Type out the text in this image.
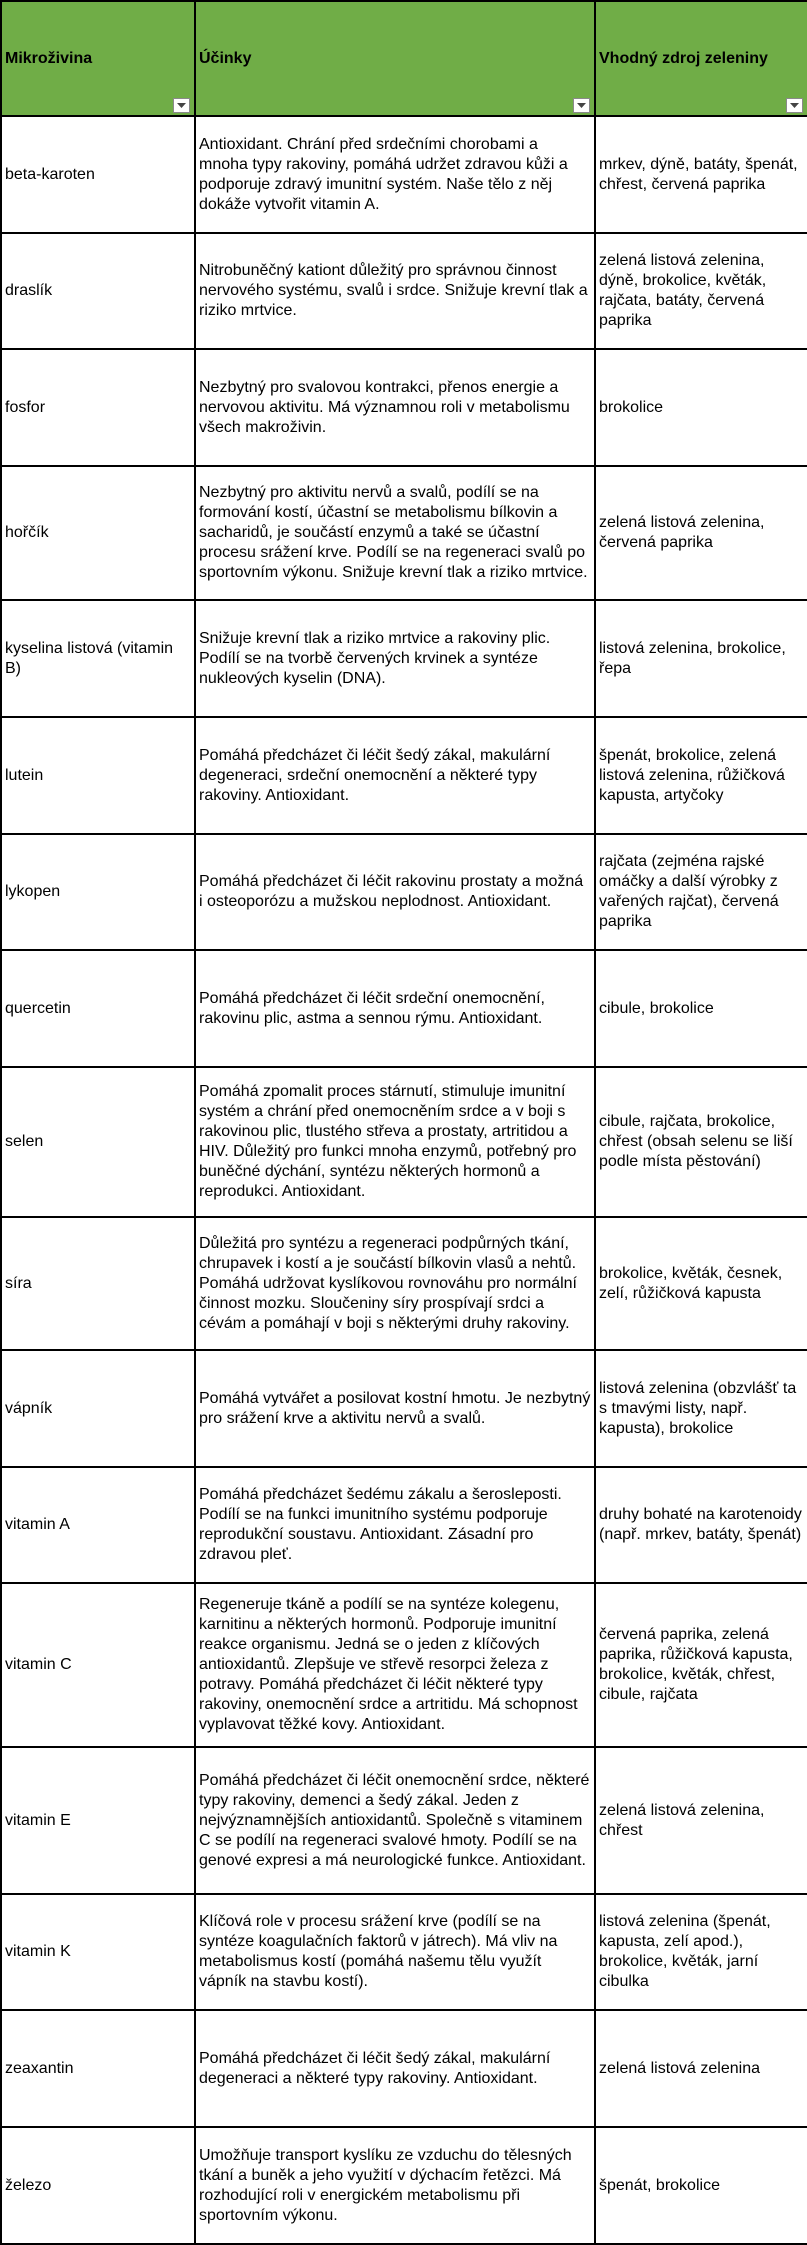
Mikroživina	Účinky	Vhodný zdroj zeleniny

beta-karoten	Antioxidant. Chrání před srdečními chorobami a mnoha typy rakoviny, pomáhá udržet zdravou kůži a podporuje zdravý imunitní systém. Naše tělo z něj dokáže vytvořit vitamin A.	mrkev, dýně, batáty, špenát, chřest, červená paprika
draslík	Nitrobuněčný kationt důležitý pro správnou činnost nervového systému, svalů i srdce. Snižuje krevní tlak a riziko mrtvice.	zelená listová zelenina, dýně, brokolice, květák, rajčata, batáty, červená paprika
fosfor	Nezbytný pro svalovou kontrakci, přenos energie a nervovou aktivitu. Má významnou roli v metabolismu všech makroživin.	brokolice
hořčík	Nezbytný pro aktivitu nervů a svalů, podílí se na formování kostí, účastní se metabolismu bílkovin a sacharidů, je součástí enzymů a také se účastní procesu srážení krve. Podílí se na regeneraci svalů po sportovním výkonu. Snižuje krevní tlak a riziko mrtvice.	zelená listová zelenina, červená paprika
kyselina listová (vitamin B)	Snižuje krevní tlak a riziko mrtvice a rakoviny plic. Podílí se na tvorbě červených krvinek a syntéze nukleových kyselin (DNA).	listová zelenina, brokolice, řepa
lutein	Pomáhá předcházet či léčit šedý zákal, makulární degeneraci, srdeční onemocnění a některé typy rakoviny. Antioxidant.	špenát, brokolice, zelená listová zelenina, růžičková kapusta, artyčoky
lykopen	Pomáhá předcházet či léčit rakovinu prostaty a možná i osteoporózu a mužskou neplodnost. Antioxidant.	rajčata (zejména rajské omáčky a další výrobky z vařených rajčat), červená paprika
quercetin	Pomáhá předcházet či léčit srdeční onemocnění, rakovinu plic, astma a sennou rýmu. Antioxidant.	cibule, brokolice
selen	Pomáhá zpomalit proces stárnutí, stimuluje imunitní systém a chrání před onemocněním srdce a v boji s rakovinou plic, tlustého střeva a prostaty, artritidou a HIV. Důležitý pro funkci mnoha enzymů, potřebný pro buněčné dýchání, syntézu některých hormonů a reprodukci. Antioxidant.	cibule, rajčata, brokolice, chřest (obsah selenu se liší podle místa pěstování)
síra	Důležitá pro syntézu a regeneraci podpůrných tkání, chrupavek i kostí a je součástí bílkovin vlasů a nehtů. Pomáhá udržovat kyslíkovou rovnováhu pro normální činnost mozku. Sloučeniny síry prospívají srdci a cévám a pomáhají v boji s některými druhy rakoviny.	brokolice, květák, česnek, zelí, růžičková kapusta
vápník	Pomáhá vytvářet a posilovat kostní hmotu. Je nezbytný pro srážení krve a aktivitu nervů a svalů.	listová zelenina (obzvlášť ta s tmavými listy, např. kapusta), brokolice
vitamin A	Pomáhá předcházet šedému zákalu a šerosleposti. Podílí se na funkci imunitního systému podporuje reprodukční soustavu. Antioxidant. Zásadní pro zdravou pleť.	druhy bohaté na karotenoidy (např. mrkev, batáty, špenát)
vitamin C	Regeneruje tkáně a podílí se na syntéze kolegenu, karnitinu a některých hormonů. Podporuje imunitní reakce organismu. Jedná se o jeden z klíčových antioxidantů. Zlepšuje ve střevě resorpci železa z potravy. Pomáhá předcházet či léčit některé typy rakoviny, onemocnění srdce a artritidu. Má schopnost vyplavovat těžké kovy. Antioxidant.	červená paprika, zelená paprika, růžičková kapusta, brokolice, květák, chřest, cibule, rajčata
vitamin E	Pomáhá předcházet či léčit onemocnění srdce, některé typy rakoviny, demenci a šedý zákal. Jeden z nejvýznamnějších antioxidantů. Společně s vitaminem C se podílí na regeneraci svalové hmoty. Podílí se na genové expresi a má neurologické funkce. Antioxidant.	zelená listová zelenina, chřest
vitamin K	Klíčová role v procesu srážení krve (podílí se na syntéze koagulačních faktorů v játrech). Má vliv na metabolismus kostí (pomáhá našemu tělu využít vápník na stavbu kostí).	listová zelenina (špenát, kapusta, zelí apod.), brokolice, květák, jarní cibulka
zeaxantin	Pomáhá předcházet či léčit šedý zákal, makulární degeneraci a některé typy rakoviny. Antioxidant.	zelená listová zelenina
železo	Umožňuje transport kyslíku ze vzduchu do tělesných tkání a buněk a jeho využití v dýchacím řetězci. Má rozhodující roli v energickém metabolismu při sportovním výkonu.	špenát, brokolice
